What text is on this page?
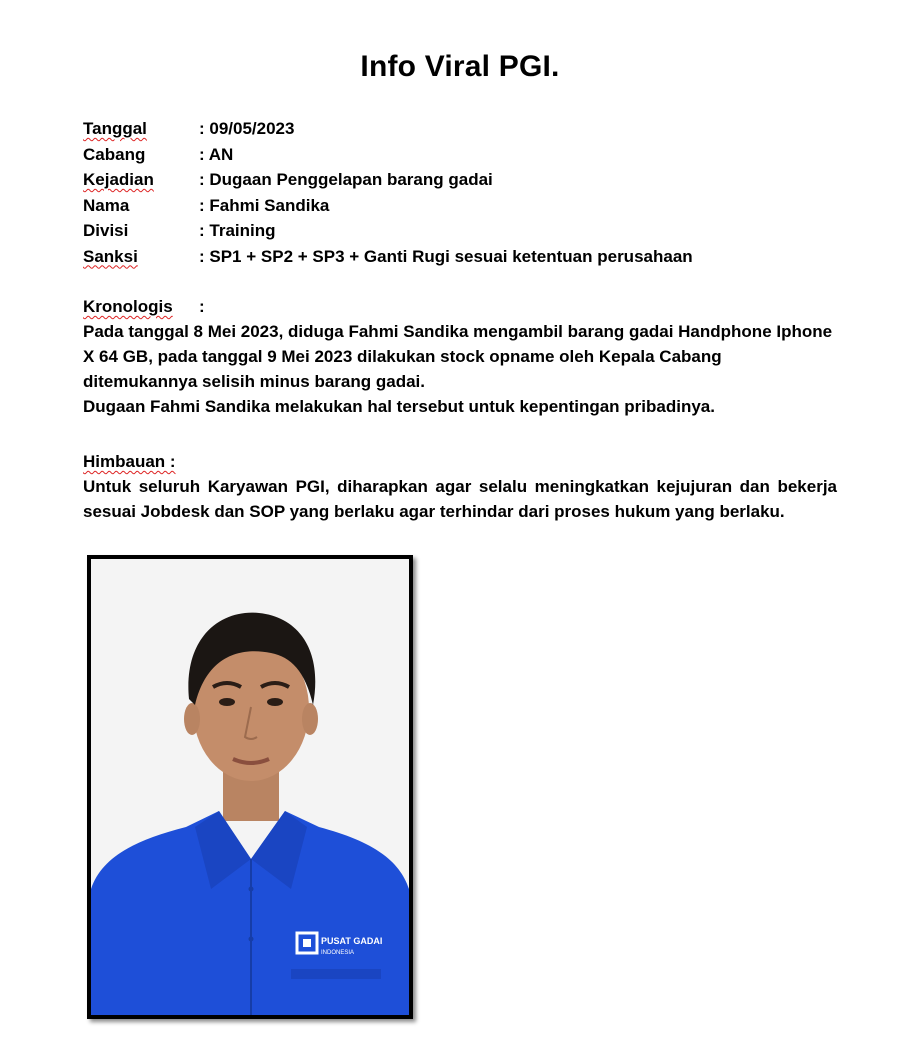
Info Viral PGI.
Tanggal	: 09/05/2023
Cabang	: AN
Kejadian	: Dugaan Penggelapan barang gadai
Nama	: Fahmi Sandika
Divisi	: Training
Sanksi	: SP1 + SP2 + SP3 + Ganti Rugi sesuai ketentuan perusahaan
Kronologis	:

Pada tanggal 8 Mei 2023, diduga Fahmi Sandika mengambil barang gadai Handphone Iphone X 64 GB, pada tanggal 9 Mei 2023 dilakukan stock opname oleh Kepala Cabang ditemukannya selisih minus barang gadai.

Dugaan Fahmi Sandika melakukan hal tersebut untuk kepentingan pribadinya.

Himbauan :

Untuk seluruh Karyawan PGI, diharapkan agar selalu meningkatkan kejujuran dan bekerja sesuai Jobdesk dan SOP yang berlaku agar terhindar dari proses hukum yang berlaku.

PUSAT GADAI
INDONESIA
